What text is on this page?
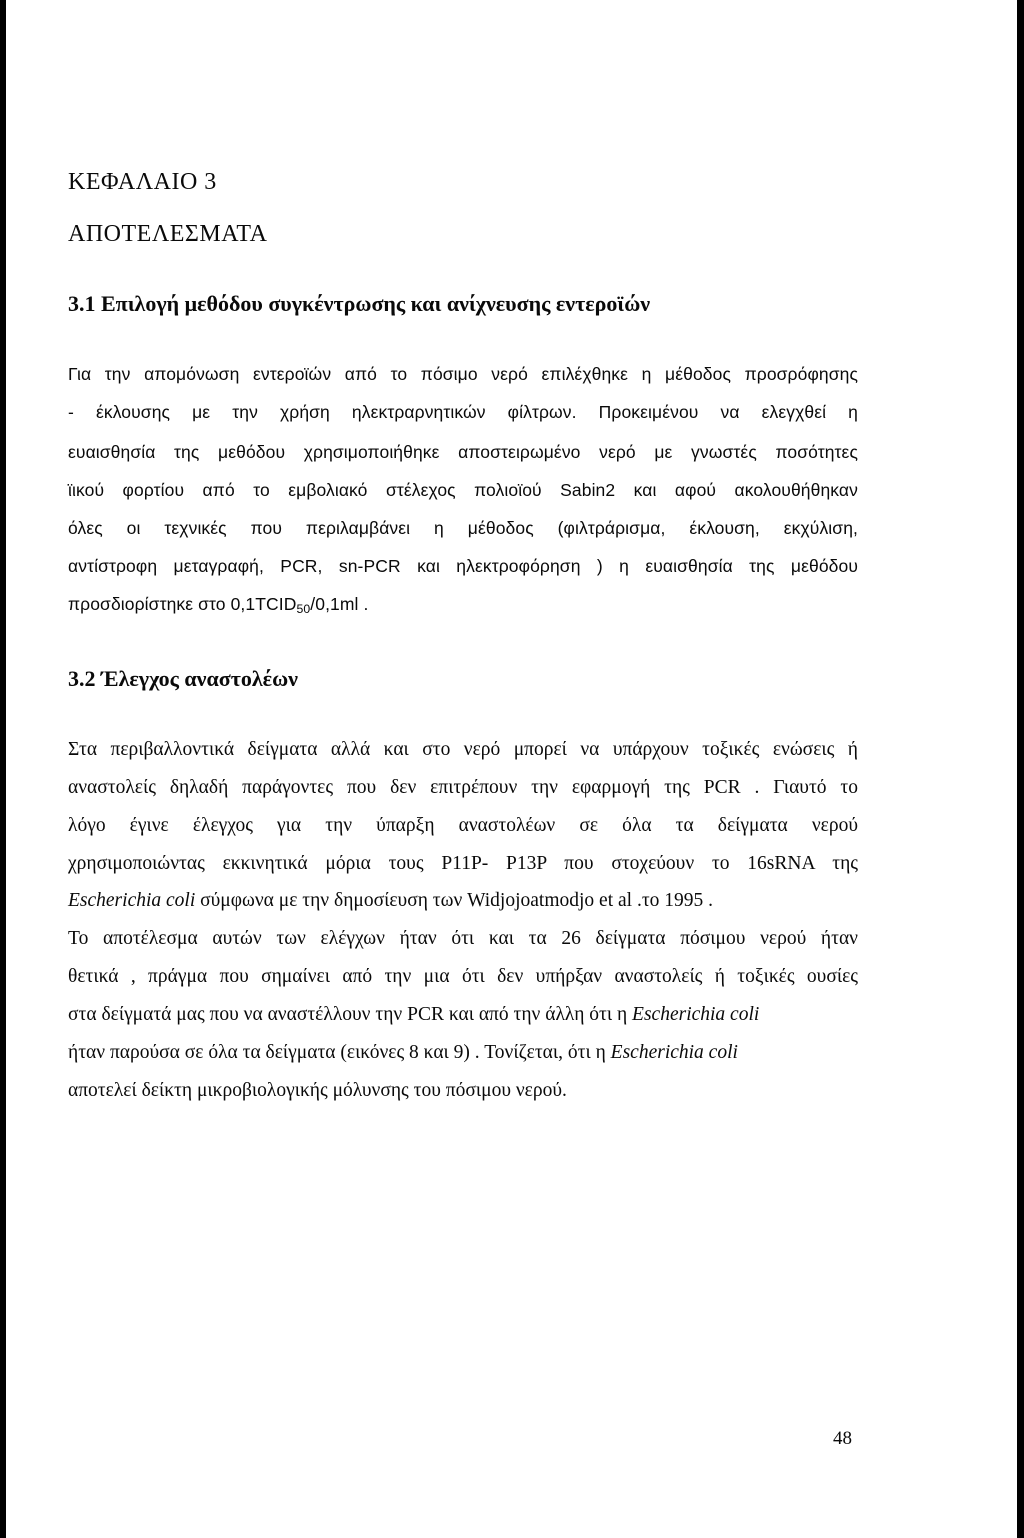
ΚΕΦΑΛΑΙΟ 3
ΑΠΟΤΕΛΕΣΜΑΤΑ
3.1 Επιλογή μεθόδου συγκέντρωσης και ανίχνευσης εντεροϊών
Για την απομόνωση εντεροϊών από το πόσιμο νερό επιλέχθηκε η μέθοδος προσρόφησης
- έκλουσης με την χρήση ηλεκτραρνητικών φίλτρων. Προκειμένου να ελεγχθεί η
ευαισθησία της μεθόδου χρησιμοποιήθηκε αποστειρωμένο νερό με γνωστές ποσότητες
ϊικού φορτίου από το εμβολιακό στέλεχος πολιοϊού Sabin2 και αφού ακολουθήθηκαν
όλες οι τεχνικές που περιλαμβάνει η μέθοδος (φιλτράρισμα, έκλουση, εκχύλιση,
αντίστροφη μεταγραφή, PCR, sn-PCR και ηλεκτροφόρηση ) η ευαισθησία της μεθόδου
προσδιορίστηκε στο $0,1TCID_{50}/0,1ml$ .
3.2 Έλεγχος αναστολέων
Στα περιβαλλοντικά δείγματα αλλά και στο νερό μπορεί να υπάρχουν τοξικές ενώσεις ή
αναστολείς δηλαδή παράγοντες που δεν επιτρέπουν την εφαρμογή της PCR . Γιαυτό το
λόγο έγινε έλεγχος για την ύπαρξη αναστολέων σε όλα τα δείγματα νερού
χρησιμοποιώντας εκκινητικά μόρια τους P11P- P13P που στοχεύουν το 16sRNA της
Escherichia coli σύμφωνα με την δημοσίευση των Widjojoatmodjo et al .το 1995 .
Το αποτέλεσμα αυτών των ελέγχων ήταν ότι και τα 26 δείγματα πόσιμου νερού ήταν
θετικά , πράγμα που σημαίνει από την μια ότι δεν υπήρξαν αναστολείς ή τοξικές ουσίες
στα δείγματά μας που να αναστέλλουν την PCR και από την άλλη ότι η Escherichia coli
ήταν παρούσα σε όλα τα δείγματα (εικόνες 8 και 9) . Τονίζεται, ότι η Escherichia coli
αποτελεί δείκτη μικροβιολογικής μόλυνσης του πόσιμου νερού.
48
